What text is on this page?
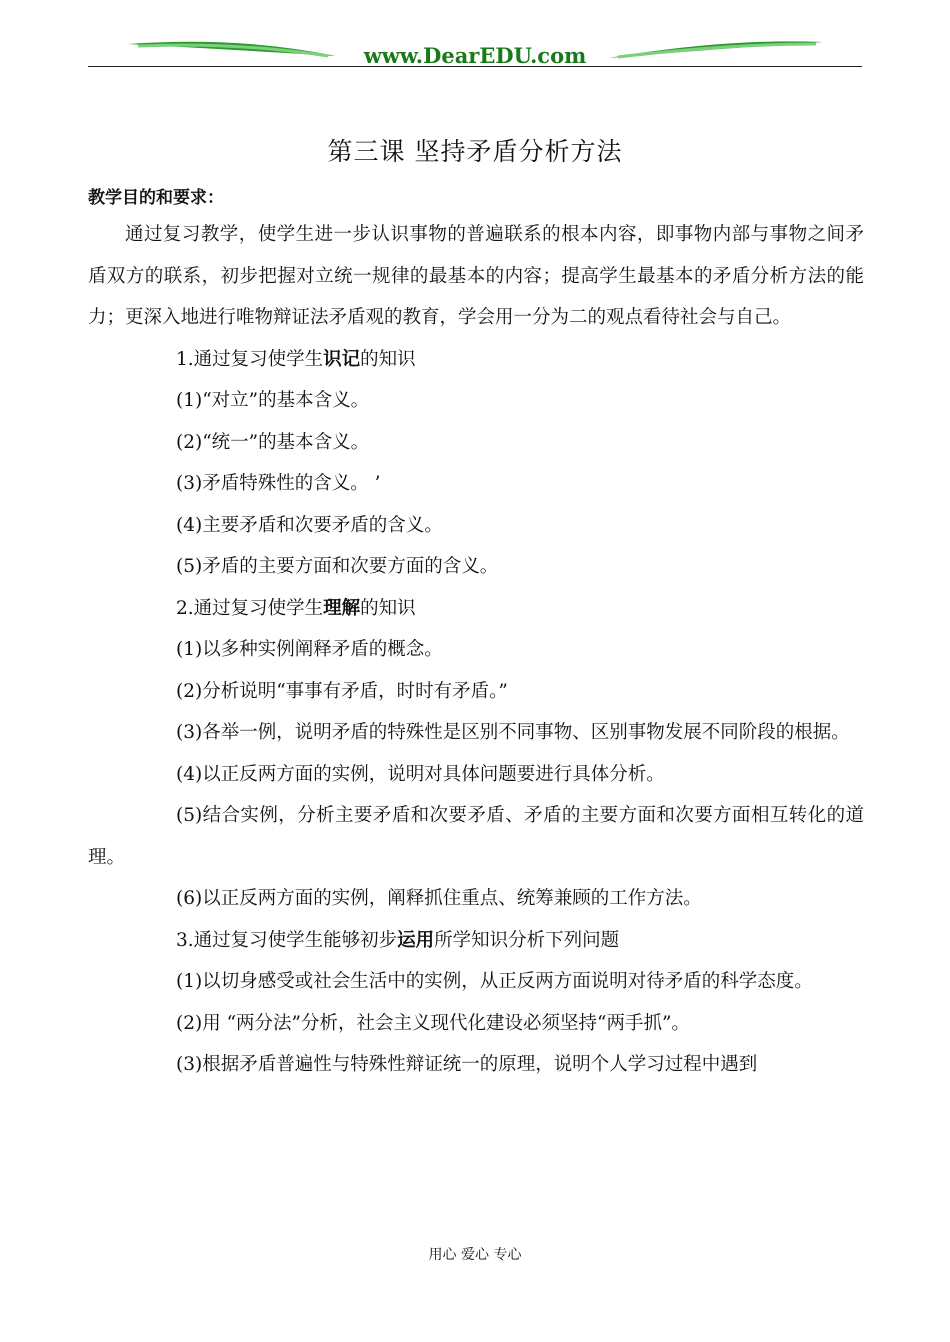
www.DearEDU.com
第三课 坚持矛盾分析方法
教学目的和要求：

通过复习教学，使学生进一步认识事物的普遍联系的根本内容，即事物内部与事物之间矛盾双方的联系，初步把握对立统一规律的最基本的内容；提高学生最基本的矛盾分析方法的能力；更深入地进行唯物辩证法矛盾观的教育，学会用一分为二的观点看待社会与自己。

1.通过复习使学生识记的知识

(1)“对立”的基本含义。

(2)“统一”的基本含义。

(3)矛盾特殊性的含义。 ’

(4)主要矛盾和次要矛盾的含义。

(5)矛盾的主要方面和次要方面的含义。

2.通过复习使学生理解的知识

(1)以多种实例阐释矛盾的概念。

(2)分析说明“事事有矛盾，时时有矛盾。”

(3)各举一例，说明矛盾的特殊性是区别不同事物、区别事物发展不同阶段的根据。

(4)以正反两方面的实例，说明对具体问题要进行具体分析。

(5)结合实例，分析主要矛盾和次要矛盾、矛盾的主要方面和次要方面相互转化的道理。

(6)以正反两方面的实例，阐释抓住重点、统筹兼顾的工作方法。

3.通过复习使学生能够初步运用所学知识分析下列问题

(1)以切身感受或社会生活中的实例，从正反两方面说明对待矛盾的科学态度。

(2)用 “两分法”分析，社会主义现代化建设必须坚持“两手抓”。

(3)根据矛盾普遍性与特殊性辩证统一的原理，说明个人学习过程中遇到

用心 爱心 专心
